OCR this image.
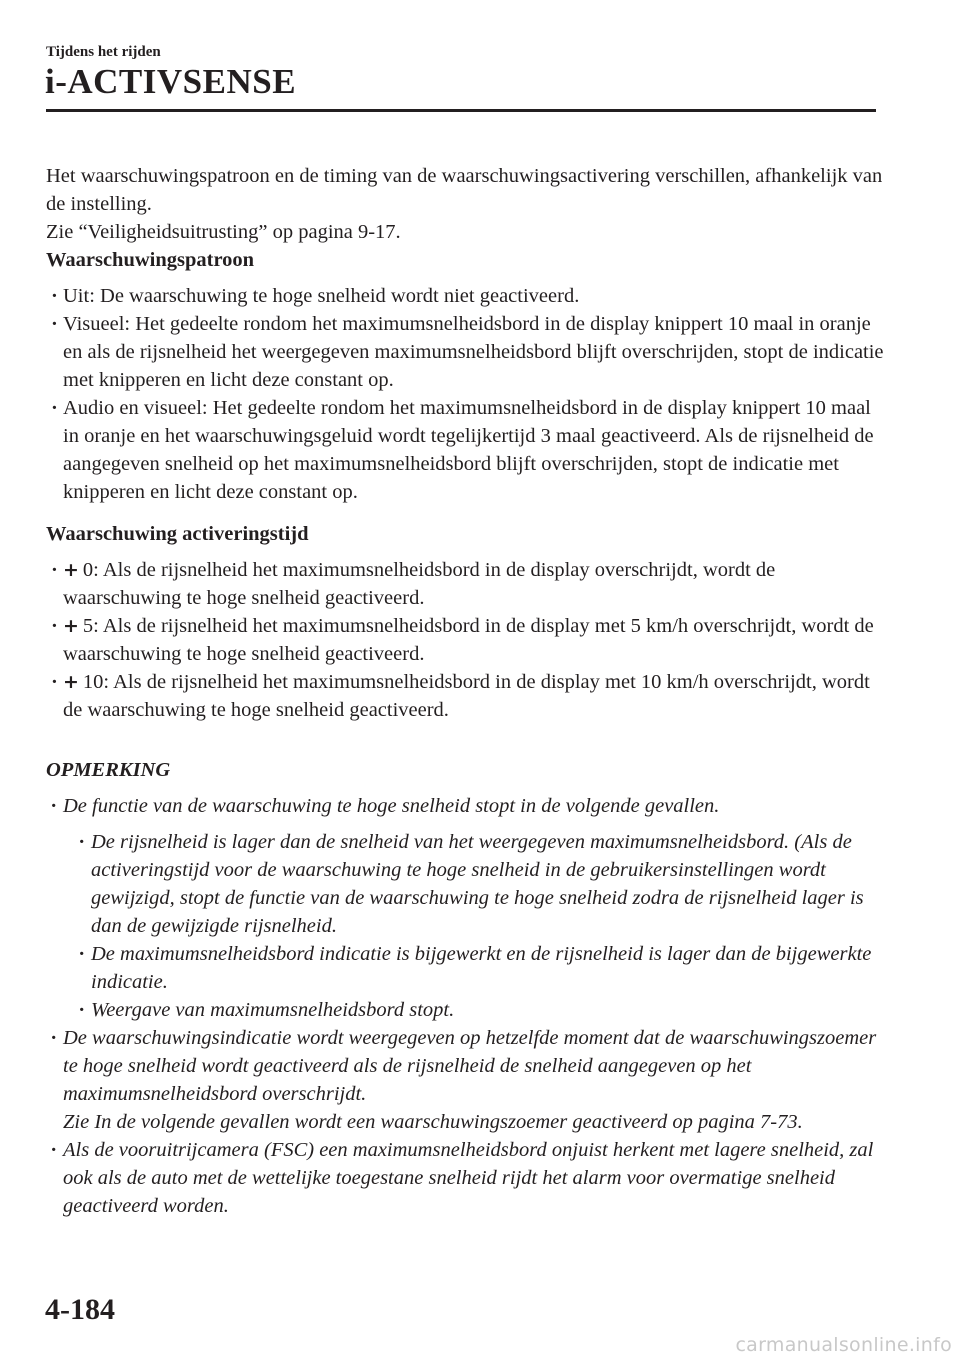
Tijdens het rijden
i-ACTIVSENSE

Het waarschuwingspatroon en de timing van de waarschuwingsactivering verschillen, afhankelijk van de instelling.

Zie “Veiligheidsuitrusting” op pagina 9-17.

Waarschuwingspatroon

· Uit: De waarschuwing te hoge snelheid wordt niet geactiveerd.
· Visueel: Het gedeelte rondom het maximumsnelheidsbord in de display knippert 10 maal in oranje en als de rijsnelheid het weergegeven maximumsnelheidsbord blijft overschrijden, stopt de indicatie met knipperen en licht deze constant op.
· Audio en visueel: Het gedeelte rondom het maximumsnelheidsbord in de display knippert 10 maal in oranje en het waarschuwingsgeluid wordt tegelijkertijd 3 maal geactiveerd. Als de rijsnelheid de aangegeven snelheid op het maximumsnelheidsbord blijft overschrijden, stopt de indicatie met knipperen en licht deze constant op.

Waarschuwing activeringstijd

· + 0: Als de rijsnelheid het maximumsnelheidsbord in de display overschrijdt, wordt de waarschuwing te hoge snelheid geactiveerd.
· + 5: Als de rijsnelheid het maximumsnelheidsbord in de display met 5 km/h overschrijdt, wordt de waarschuwing te hoge snelheid geactiveerd.
· + 10: Als de rijsnelheid het maximumsnelheidsbord in de display met 10 km/h overschrijdt, wordt de waarschuwing te hoge snelheid geactiveerd.

OPMERKING

· De functie van de waarschuwing te hoge snelheid stopt in de volgende gevallen.
· De rijsnelheid is lager dan de snelheid van het weergegeven maximumsnelheidsbord. (Als de activeringstijd voor de waarschuwing te hoge snelheid in de gebruikersinstellingen wordt gewijzigd, stopt de functie van de waarschuwing te hoge snelheid zodra de rijsnelheid lager is dan de gewijzigde rijsnelheid.
· De maximumsnelheidsbord indicatie is bijgewerkt en de rijsnelheid is lager dan de bijgewerkte indicatie.
· Weergave van maximumsnelheidsbord stopt.
· De waarschuwingsindicatie wordt weergegeven op hetzelfde moment dat de waarschuwingszoemer te hoge snelheid wordt geactiveerd als de rijsnelheid de snelheid aangegeven op het maximumsnelheidsbord overschrijdt.
Zie In de volgende gevallen wordt een waarschuwingszoemer geactiveerd op pagina 7-73.
· Als de vooruitrijcamera (FSC) een maximumsnelheidsbord onjuist herkent met lagere snelheid, zal ook als de auto met de wettelijke toegestane snelheid rijdt het alarm voor overmatige snelheid geactiveerd worden.
4-184
carmanualsonline.info
